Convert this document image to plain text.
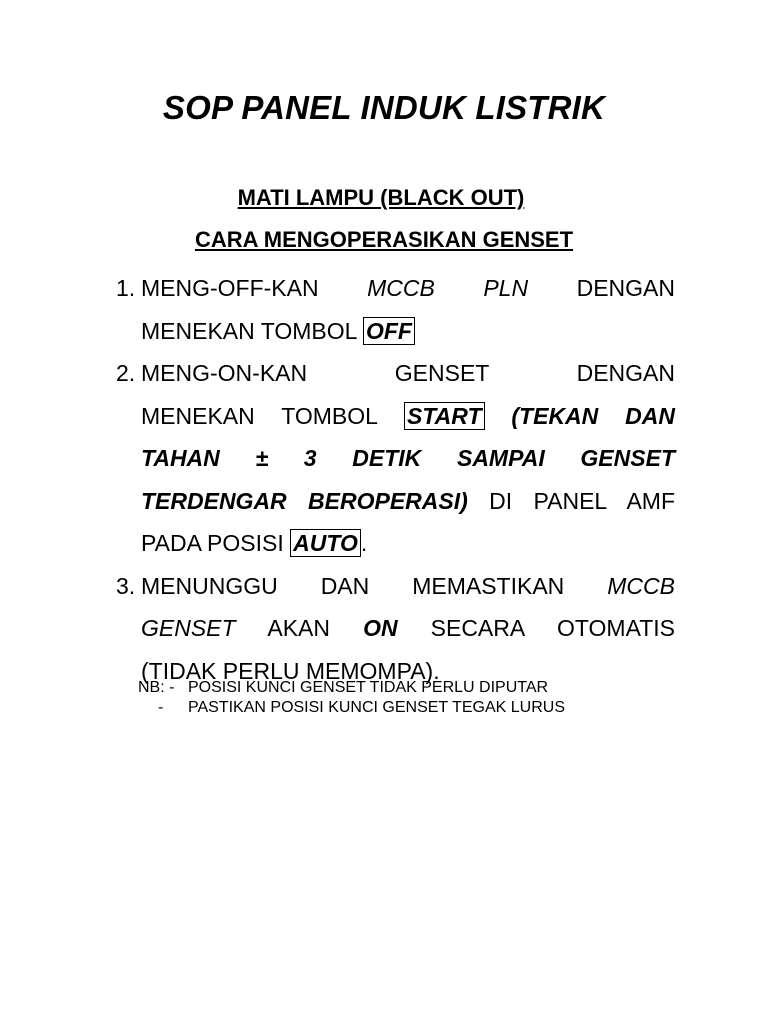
SOP PANEL INDUK LISTRIK
MATI LAMPU (BLACK OUT)
CARA MENGOPERASIKAN GENSET
1. MENG-OFF-KAN MCCB PLN DENGAN
MENEKAN TOMBOL OFF
2. MENG-ON-KAN	GENSET	DENGAN
MENEKAN TOMBOL START (TEKAN DAN
TAHAN ± 3 DETIK SAMPAI GENSET
TERDENGAR BEROPERASI) DI PANEL AMF
PADA POSISI AUTO .
3. MENUNGGU DAN MEMASTIKAN MCCB
GENSET AKAN ON SECARA OTOMATIS
(TIDAK PERLU MEMOMPA).
NB: - POSISI KUNCI GENSET TIDAK PERLU DIPUTAR
- PASTIKAN POSISI KUNCI GENSET TEGAK LURUS
